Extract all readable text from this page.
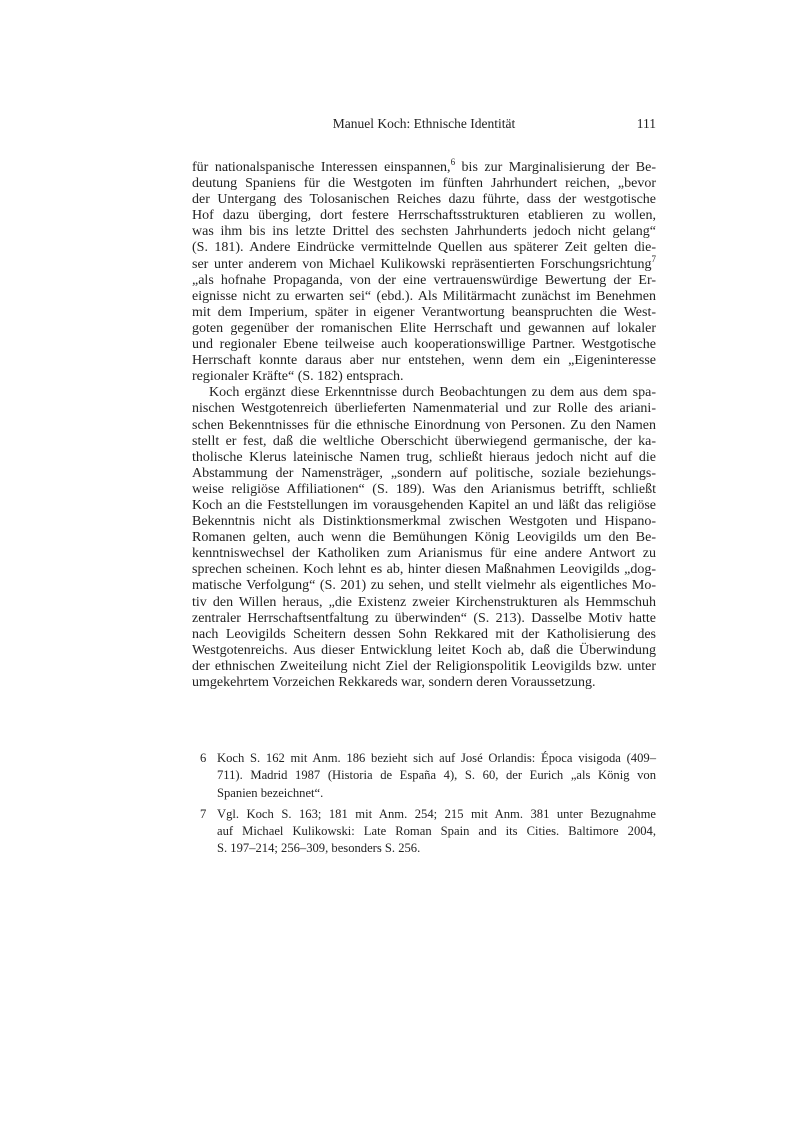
Manuel Koch: Ethnische Identität	111
für nationalspanische Interessen einspannen,$^6$ bis zur Marginalisierung der Be-
deutung Spaniens für die Westgoten im fünften Jahrhundert reichen, „bevor
der Untergang des Tolosanischen Reiches dazu führte, dass der westgotische
Hof dazu überging, dort festere Herrschaftsstrukturen etablieren zu wollen,
was ihm bis ins letzte Drittel des sechsten Jahrhunderts jedoch nicht gelang“
(S. 181). Andere Eindrücke vermittelnde Quellen aus späterer Zeit gelten die-
ser unter anderem von Michael Kulikowski repräsentierten Forschungsrichtung$^7$
„als hofnahe Propaganda, von der eine vertrauenswürdige Bewertung der Er-
eignisse nicht zu erwarten sei“ (ebd.). Als Militärmacht zunächst im Benehmen
mit dem Imperium, später in eigener Verantwortung beanspruchten die West-
goten gegenüber der romanischen Elite Herrschaft und gewannen auf lokaler
und regionaler Ebene teilweise auch kooperationswillige Partner. Westgotische
Herrschaft konnte daraus aber nur entstehen, wenn dem ein „Eigeninteresse
regionaler Kräfte“ (S. 182) entsprach.
Koch ergänzt diese Erkenntnisse durch Beobachtungen zu dem aus dem spa-
nischen Westgotenreich überlieferten Namenmaterial und zur Rolle des ariani-
schen Bekenntnisses für die ethnische Einordnung von Personen. Zu den Namen
stellt er fest, daß die weltliche Oberschicht überwiegend germanische, der ka-
tholische Klerus lateinische Namen trug, schließt hieraus jedoch nicht auf die
Abstammung der Namensträger, „sondern auf politische, soziale beziehungs-
weise religiöse Affiliationen“ (S. 189). Was den Arianismus betrifft, schließt
Koch an die Feststellungen im vorausgehenden Kapitel an und läßt das religiöse
Bekenntnis nicht als Distinktionsmerkmal zwischen Westgoten und Hispano-
Romanen gelten, auch wenn die Bemühungen König Leovigilds um den Be-
kenntniswechsel der Katholiken zum Arianismus für eine andere Antwort zu
sprechen scheinen. Koch lehnt es ab, hinter diesen Maßnahmen Leovigilds „dog-
matische Verfolgung“ (S. 201) zu sehen, und stellt vielmehr als eigentliches Mo-
tiv den Willen heraus, „die Existenz zweier Kirchenstrukturen als Hemmschuh
zentraler Herrschaftsentfaltung zu überwinden“ (S. 213). Dasselbe Motiv hatte
nach Leovigilds Scheitern dessen Sohn Rekkared mit der Katholisierung des
Westgotenreichs. Aus dieser Entwicklung leitet Koch ab, daß die Überwindung
der ethnischen Zweiteilung nicht Ziel der Religionspolitik Leovigilds bzw. unter
umgekehrtem Vorzeichen Rekkareds war, sondern deren Voraussetzung.
6 Koch S. 162 mit Anm. 186 bezieht sich auf José Orlandis: Época visigoda (409–
711). Madrid 1987 (Historia de España 4), S. 60, der Eurich „als König von
Spanien bezeichnet“.
7 Vgl. Koch S. 163; 181 mit Anm. 254; 215 mit Anm. 381 unter Bezugnahme
auf Michael Kulikowski: Late Roman Spain and its Cities. Baltimore 2004,
S. 197–214; 256–309, besonders S. 256.
